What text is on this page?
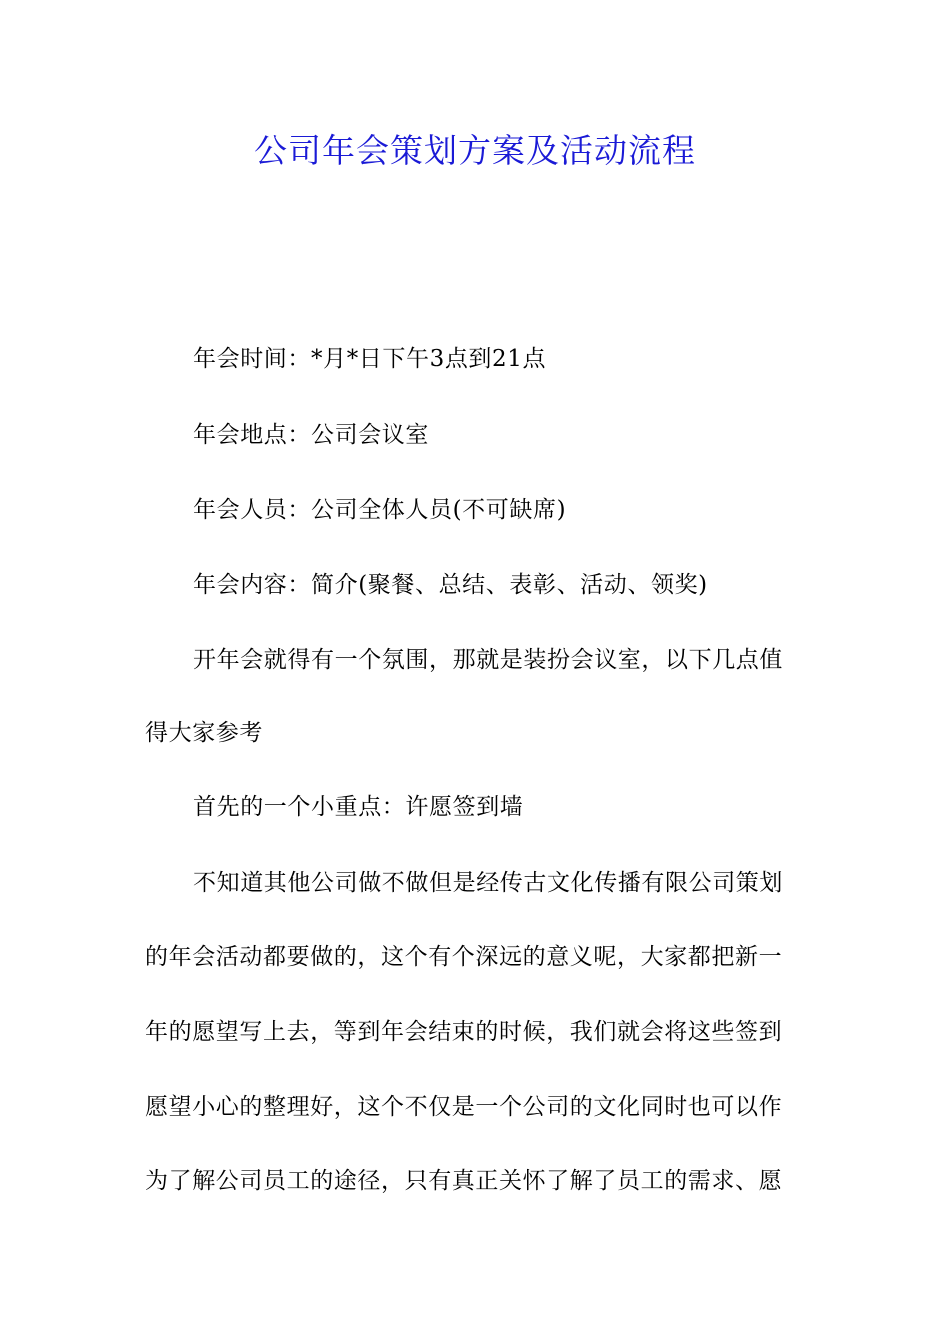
公司年会策划方案及活动流程

年会时间：*月*日下午3点到21点

年会地点：公司会议室

年会人员：公司全体人员(不可缺席)

年会内容：简介(聚餐、总结、表彰、活动、领奖)

开年会就得有一个氛围，那就是装扮会议室，以下几点值

得大家参考

首先的一个小重点：许愿签到墙

不知道其他公司做不做但是经传古文化传播有限公司策划

的年会活动都要做的，这个有个深远的意义呢，大家都把新一

年的愿望写上去，等到年会结束的时候，我们就会将这些签到

愿望小心的整理好，这个不仅是一个公司的文化同时也可以作

为了解公司员工的途径，只有真正关怀了解了员工的需求、愿
